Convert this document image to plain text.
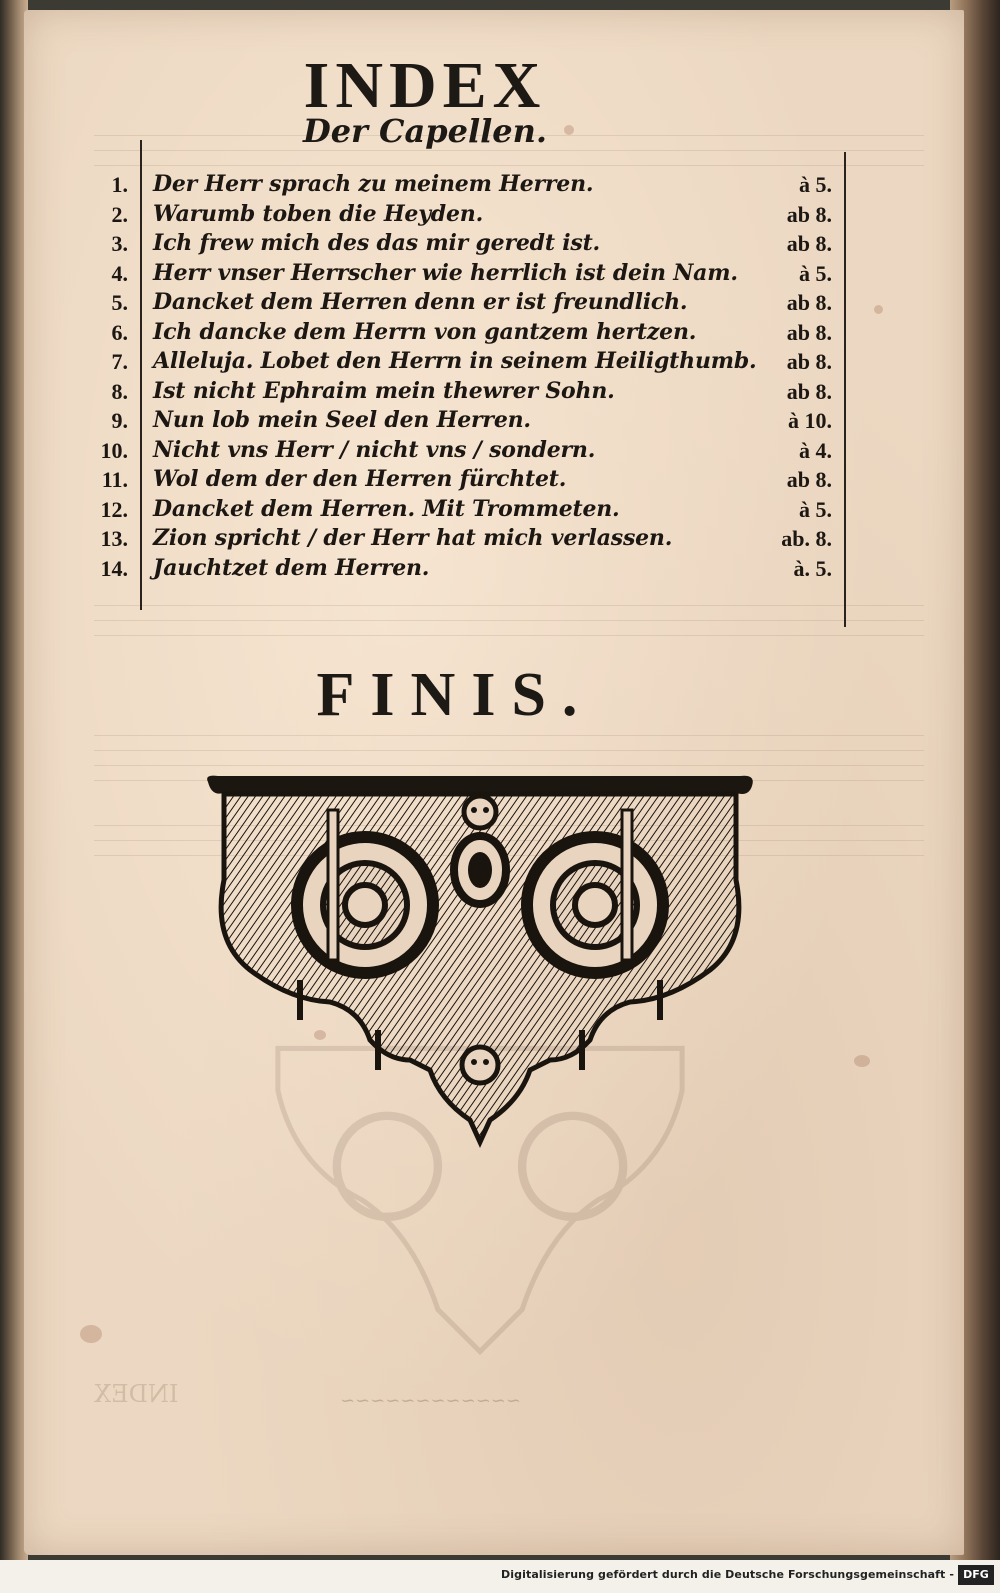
INDEX
INDEX
Der Capellen.
1. Der Herr sprach zu meinem Herren.	à 5.
2. Warumb toben die Heyden.	ab 8.
3. Ich frew mich des das mir geredt ist.	ab 8.
4. Herr vnser Herrscher wie herrlich ist dein Nam.	à 5.
5. Dancket dem Herren denn er ist freundlich.	ab 8.
6. Ich dancke dem Herrn von gantzem hertzen.	ab 8.
7. Alleluja. Lobet den Herrn in seinem Heiligthumb.	ab 8.
8. Ist nicht Ephraim mein thewrer Sohn.	ab 8.
9. Nun lob mein Seel den Herren.	à 10.
10. Nicht vns Herr / nicht vns / sondern.	à 4.
11. Wol dem der den Herren fürchtet.	ab 8.
12. Dancket dem Herren. Mit Trommeten.	à 5.
13. Zion spricht / der Herr hat mich verlassen.	ab. 8.
14. Jauchtzet dem Herren.	à. 5.
FINIS.
~~~~~~~~~~~~
Digitalisierung gefördert durch die Deutsche Forschungsgemeinschaft - DFG
